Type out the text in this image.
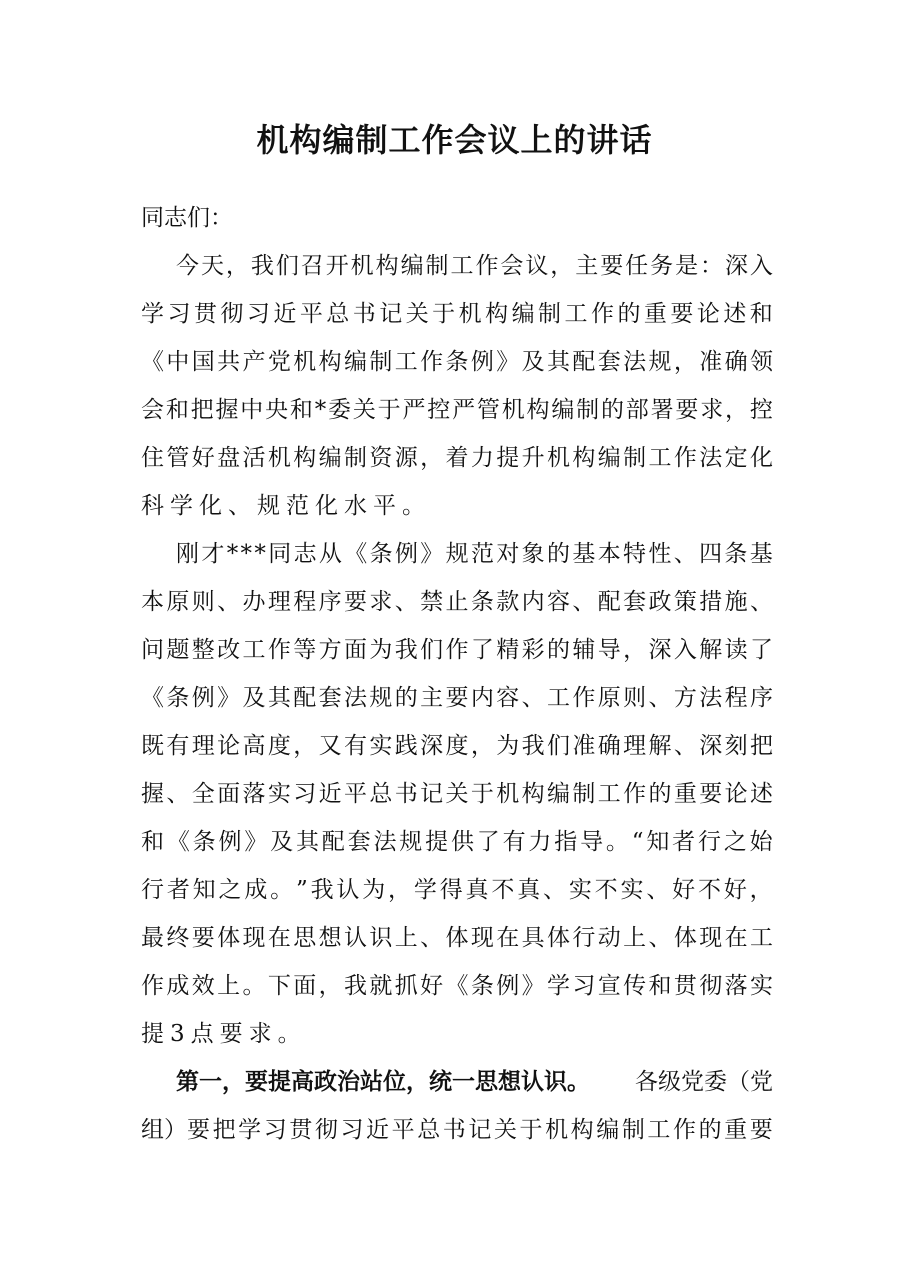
机构编制工作会议上的讲话
同志们：
今 天 ， 我 们 召 开 机 构 编 制 工 作 会 议 ， 主 要 任 务 是 ： 深 入
学 习 贯 彻 习 近 平 总 书 记 关 于 机 构 编 制 工 作 的 重 要 论 述 和
《 中 国 共 产 党 机 构 编 制 工 作 条 例 》 及 其 配 套 法 规 ， 准 确 领
会 和 把 握 中 央 和 * 委 关 于 严 控 严 管 机 构 编 制 的 部 署 要 求 ， 控
住 管 好 盘 活 机 构 编 制 资 源 ， 着 力 提 升 机 构 编 制 工 作 法 定 化
科 学 化 、 规 范 化 水 平 。
刚 才 * * * 同 志 从 《 条 例 》 规 范 对 象 的 基 本 特 性 、 四 条 基
本 原 则 、 办 理 程 序 要 求 、 禁 止 条 款 内 容 、 配 套 政 策 措 施 、
问 题 整 改 工 作 等 方 面 为 我 们 作 了 精 彩 的 辅 导 ， 深 入 解 读 了
《 条 例 》 及 其 配 套 法 规 的 主 要 内 容 、 工 作 原 则 、 方 法 程 序
既 有 理 论 高 度 ， 又 有 实 践 深 度 ， 为 我 们 准 确 理 解 、 深 刻 把
握 、 全 面 落 实 习 近 平 总 书 记 关 于 机 构 编 制 工 作 的 重 要 论 述
和 《 条 例 》 及 其 配 套 法 规 提 供 了 有 力 指 导 。 “ 知 者 行 之 始
行 者 知 之 成 。 ” 我 认 为 ， 学 得 真 不 真 、 实 不 实 、 好 不 好 ，
最 终 要 体 现 在 思 想 认 识 上 、 体 现 在 具 体 行 动 上 、 体 现 在 工
作 成 效 上 。 下 面 ， 我 就 抓 好 《 条 例 》 学 习 宣 传 和 贯 彻 落 实
提 3 点 要 求 。
第一，要提高政治站位，统一思想认识。 各级党委（党
组） 要 把 学 习 贯 彻 习 近 平 总 书 记 关 于 机 构 编 制 工 作 的 重 要
